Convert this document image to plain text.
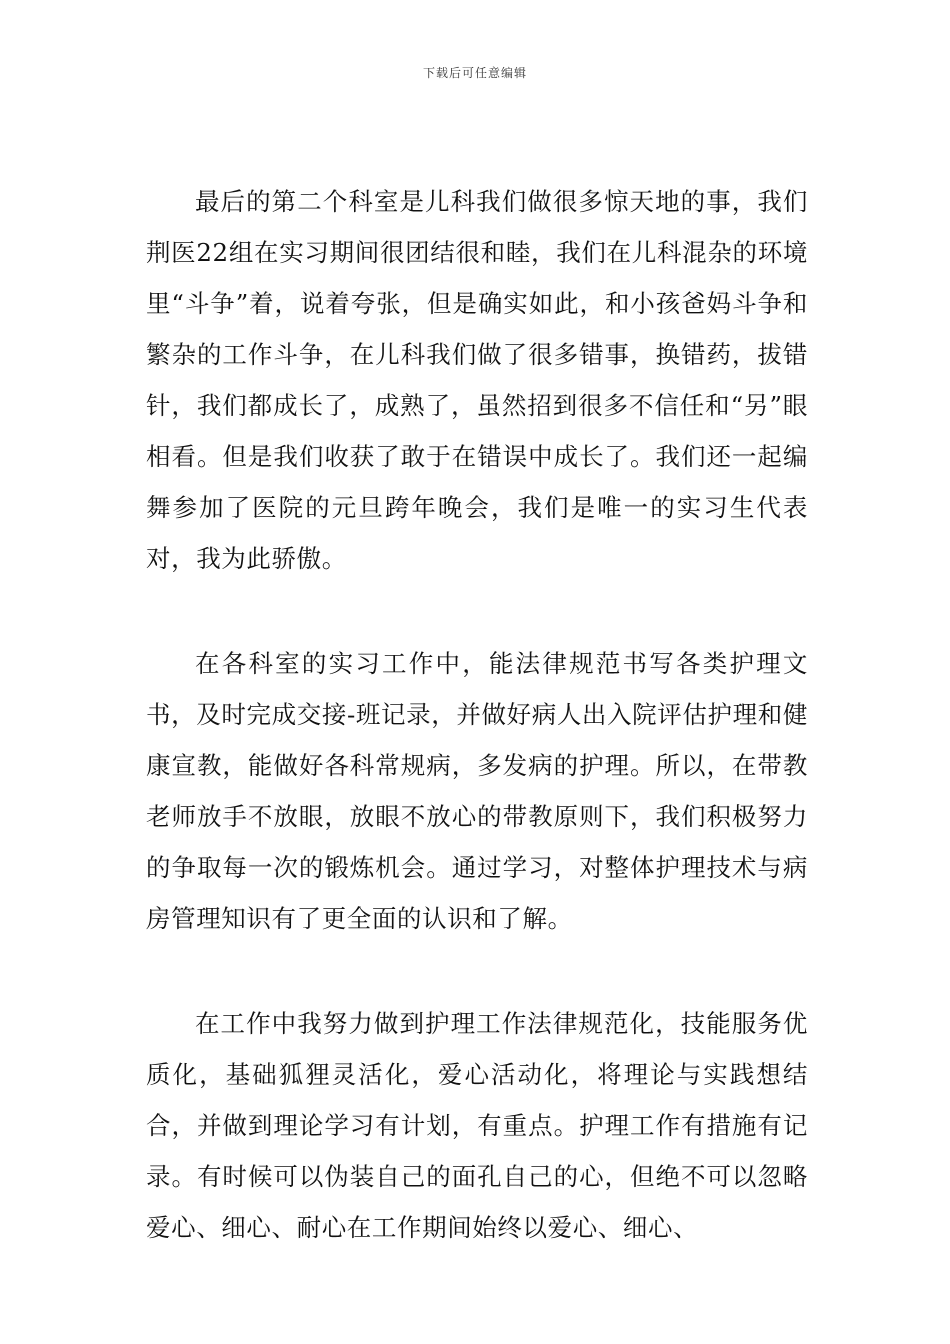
下载后可任意编辑

最后的第二个科室是儿科我们做很多惊天地的事，我们荆医22组在实习期间很团结很和睦，我们在儿科混杂的环境里“斗争”着，说着夸张，但是确实如此，和小孩爸妈斗争和繁杂的工作斗争，在儿科我们做了很多错事，换错药，拔错针，我们都成长了，成熟了，虽然招到很多不信任和“另”眼相看。但是我们收获了敢于在错误中成长了。我们还一起编舞参加了医院的元旦跨年晚会，我们是唯一的实习生代表对，我为此骄傲。

在各科室的实习工作中，能法律规范书写各类护理文书，及时完成交接-班记录，并做好病人出入院评估护理和健康宣教，能做好各科常规病，多发病的护理。所以，在带教老师放手不放眼，放眼不放心的带教原则下，我们积极努力的争取每一次的锻炼机会。通过学习，对整体护理技术与病房管理知识有了更全面的认识和了解。

在工作中我努力做到护理工作法律规范化，技能服务优质化，基础狐狸灵活化，爱心活动化，将理论与实践想结合，并做到理论学习有计划，有重点。护理工作有措施有记录。有时候可以伪装自己的面孔自己的心，但绝不可以忽略爱心、细心、耐心在工作期间始终以爱心、细心、
